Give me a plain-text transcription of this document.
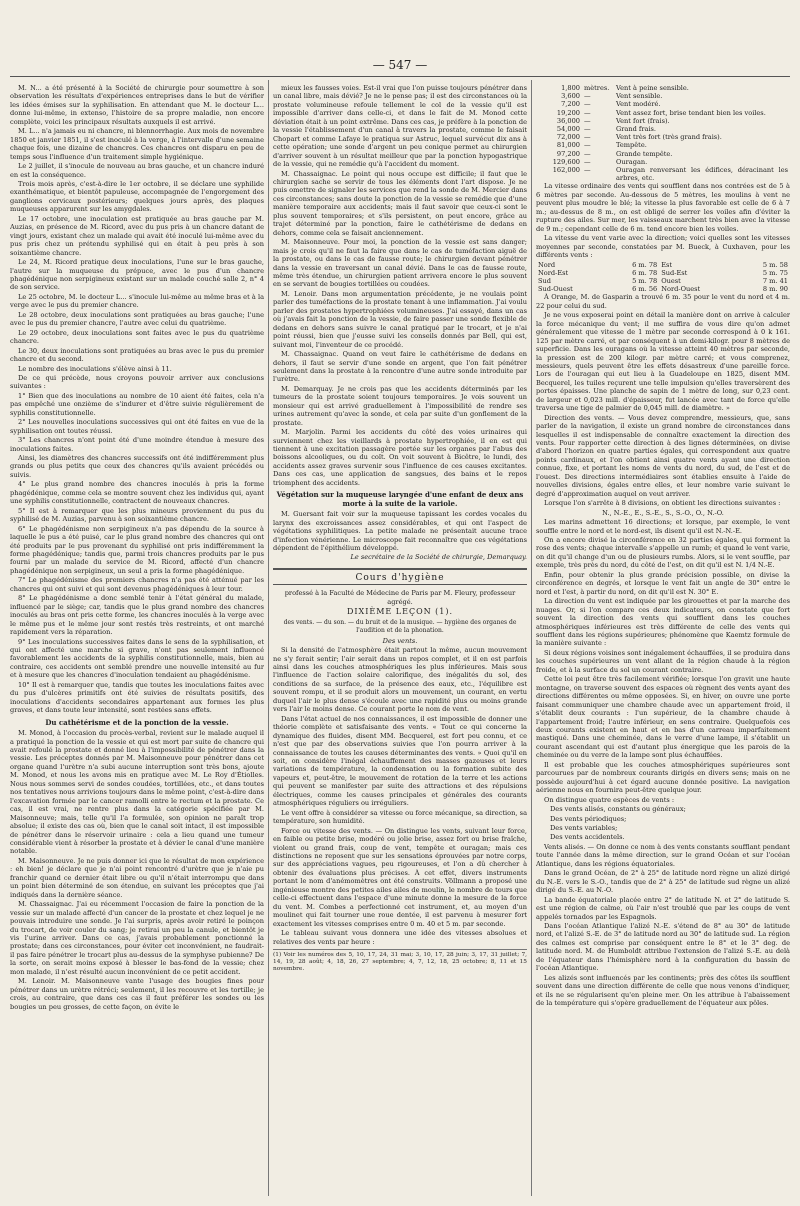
— 547 —

M. N... a été présenté à la Société de chirurgie pour soumettre à son observation les résultats d'expériences entreprises dans le but de vérifier les idées émises sur la syphilisation. En attendant que M. le docteur L... donne lui-même, in extenso, l'histoire de sa propre maladie, non encore complète, voici les principaux résultats auxquels il est arrivé.

M. L... n'a jamais eu ni chancre, ni blennorrhagie. Aux mois de novembre 1850 et janvier 1851, il s'est inoculé à la verge, à l'intervalle d'une semaine chaque fois, une dizaine de chancres. Ces chancres ont disparu en peu de temps sous l'influence d'un traitement simple hygiénique.

Le 2 juillet, il s'inocule de nouveau au bras gauche, et un chancre induré en est la conséquence.

Trois mois après, c'est-à-dire le 1er octobre, il se déclare une syphilide exanthématique, et bientôt papuleuse, accompagnée de l'engorgement des ganglions cervicaux postérieurs; quelques jours après, des plaques muqueuses apparurent sur les amygdales.

Le 17 octobre, une inoculation est pratiquée au bras gauche par M. Auzias, en présence de M. Ricord, avec du pus pris à un chancre datant de vingt jours, existant chez un malade qui avait été inoculé lui-même avec du pus pris chez un prétendu syphilisé qui en était à peu près à son soixantième chancre.

Le 24, M. Ricord pratique deux inoculations, l'une sur le bras gauche, l'autre sur la muqueuse du prépuce, avec le pus d'un chancre phagédénique non serpigineux existant sur un malade couché salle 2, n° 4 de son service.

Le 25 octobre, M. le docteur L... s'inocule lui-même au même bras et à la verge avec le pus du premier chancre.

Le 28 octobre, deux inoculations sont pratiquées au bras gauche; l'une avec le pus du premier chancre, l'autre avec celui du quatrième.

Le 29 octobre, deux inoculations sont faites avec le pus du quatrième chancre.

Le 30, deux inoculations sont pratiquées au bras avec le pus du premier chancre et du second.

Le nombre des inoculations s'élève ainsi à 11.

De ce qui précède, nous croyons pouvoir arriver aux conclusions suivantes :

1° Bien que des inoculations au nombre de 10 aient été faites, cela n'a pas empêché une onzième de s'indurer et d'être suivie régulièrement de syphilis constitutionnelle.

2° Les nouvelles inoculations successives qui ont été faites en vue de la syphilisation ont toutes réussi.

3° Les chancres n'ont point été d'une moindre étendue à mesure des inoculations faites.

Ainsi, les diamètres des chancres successifs ont été indifféremment plus grands ou plus petits que ceux des chancres qu'ils avaient précédés ou suivis.

4° Le plus grand nombre des chancres inoculés à pris la forme phagédénique, comme cela se montre souvent chez les individus qui, ayant une syphilis constitutionnelle, contractent de nouveaux chancres.

5° Il est à remarquer que les plus mineurs proviennent du pus du syphilisé de M. Auzias, parvenu à son soixantième chancre.

6° Le phagédénisme non serpigineux n'a pas dépendu de la source à laquelle le pus a été puisé, car le plus grand nombre des chancres qui ont été produits par le pus provenant du syphilisé ont pris indifféremment la forme phagédénique; tandis que, parmi trois chancres produits par le pus fourni par un malade du service de M. Ricord, affecté d'un chancre phagédénique non serpigineux, un seul a pris la forme phagédénique.

7° Le phagédénisme des premiers chancres n'a pas été atténué par les chancres qui ont suivi et qui sont devenus phagédéniques à leur tour.

8° Le phagédénisme a donc semblé tenir à l'état général du malade, influencé par le siège; car, tandis que le plus grand nombre des chancres inoculés au bras ont pris cette forme, les chancres inoculés à la verge avec le même pus et le même jour sont restés très restreints, et ont marché rapidement vers la réparation.

9° Les inoculations successives faites dans le sens de la syphilisation, et qui ont affecté une marche si grave, n'ont pas seulement influencé favorablement les accidents de la syphilis constitutionnelle, mais, bien au contraire, ces accidents ont semblé prendre une nouvelle intensité au fur et à mesure que les chancres d'inoculation tendaient au phagédénisme.

10° Il est à remarquer que, tandis que toutes les inoculations faites avec du pus d'ulcères primitifs ont été suivies de résultats positifs, des inoculations d'accidents secondaires appartenant aux formes les plus graves, et dans toute leur intensité, sont restées sans effets.

Du cathétérisme et de la ponction de la vessie.

M. Monod, à l'occasion du procès-verbal, revient sur le malade auquel il a pratiqué la ponction de la vessie et qui est mort par suite de chancre qui avait refoulé la prostate et donné lieu à l'impossibilité de pénétrer dans la vessie. Les préceptes donnés par M. Maisonneuve pour pénétrer dans cet organe quand l'urètre n'a subi aucune interruption sont très bons, ajoute M. Monod, et nous les avons mis en pratique avec M. Le Roy d'Étiolles. Nous nous sommes servi de sondes coudées, tortillées, etc., et dans toutes nos tentatives nous arrivions toujours dans le même point, c'est-à-dire dans l'excavation formée par le cancer ramolli entre le rectum et la prostate. Ce cas, il est vrai, ne rentre plus dans la catégorie spécifiée par M. Maisonneuve; mais, telle qu'il l'a formulée, son opinion ne paraît trop absolue; il existe des cas où, bien que le canal soit intact, il est impossible de pénétrer dans le réservoir urinaire : cela a lieu quand une tumeur considérable vient à résorber la prostate et à dévier le canal d'une manière notable.

M. Maisonneuve. Je ne puis donner ici que le résultat de mon expérience : eh bien! je déclare que je n'ai point rencontré d'urètre que je n'aie pu franchir quand ce dernier était libre ou qu'il n'était interrompu que dans un point bien déterminé de son étendue, en suivant les préceptes que j'ai indiqués dans la dernière séance.

M. Chassaignac. J'ai eu récemment l'occasion de faire la ponction de la vessie sur un malade affecté d'un cancer de la prostate et chez lequel je ne pouvais introduire une sonde. Je l'ai surpris, après avoir retiré le poinçon du trocart, de voir couler du sang; je retirai un peu la canule, et bientôt je vis l'urine arriver. Dans ce cas, j'avais probablement ponctionné la prostate; dans ces circonstances, pour éviter cet inconvénient, ne faudrait-il pas faire pénétrer le trocart plus au-dessus de la symphyse pubienne? De la sorte, on serait moins exposé à blesser le bas-fond de la vessie; chez mon malade, il n'est résulté aucun inconvénient de ce petit accident.

M. Lenoir. M. Maisonneuve vante l'usage des bougies fines pour pénétrer dans un urètre rétréci; seulement, il les recouvre et les tortille; je crois, au contraire, que dans ces cas il faut préférer les sondes ou les bougies un peu grosses, de cette façon, on évite le

mieux les fausses voies. Est-il vrai que l'on puisse toujours pénétrer dans un canal libre, mais dévié? Je ne le pense pas; il est des circonstances où la prostate volumineuse refoule tellement le col de la vessie qu'il est impossible d'arriver dans celle-ci, et dans le fait de M. Monod cette déviation était à un point extrême. Dans ces cas, je préfère à la ponction de la vessie l'établissement d'un canal à travers la prostate, comme le faisait Chopart et comme Lafaye le pratiqua sur Astruc, lequel survécut dix ans à cette opération; une sonde d'argent un peu conique permet au chirurgien d'arriver souvent à un résultat meilleur que par la ponction hypogastrique de la vessie, qui ne remédie qu'à l'accident du moment.

M. Chassaignac. Le point qui nous occupe est difficile; il faut que le chirurgien sache se servir de tous les éléments dont l'art dispose. Je ne puis omettre de signaler les services que rend la sonde de M. Mercier dans ces circonstances; sans doute la ponction de la vessie se remédie que d'une manière temporaire aux accidents; mais il faut savoir que ceux-ci sont le plus souvent temporaires; et s'ils persistent, on peut encore, grâce au trajet déterminé par la ponction, faire le cathétérisme de dedans en dehors, comme cela se faisait anciennement.

M. Maisonneuve. Pour moi, la ponction de la vessie est sans danger; mais je crois qu'il ne faut la faire que dans le cas de tuméfaction aiguë de la prostate, ou dans le cas de fausse route; le chirurgien devant pénétrer dans la vessie en traversant un canal dévié. Dans le cas de fausse route, même très étendue, un chirurgien patient arrivera encore le plus souvent en se servant de bougies tortillées ou coudées.

M. Lenoir. Dans mon argumentation précédente, je ne voulais point parler des tuméfactions de la prostate tenant à une inflammation. J'ai voulu parler des prostates hypertrophiées volumineuses. J'ai essayé, dans un cas où j'avais fait la ponction de la vessie, de faire passer une sonde flexible de dedans en dehors sans suivre le canal pratiqué par le trocart, et je n'ai point réussi, bien que j'eusse suivi les conseils donnés par Bell, qui est, suivant moi, l'inventeur de ce procédé.

M. Chassaignac. Quand on veut faire le cathétérisme de dedans en dehors, il faut se servir d'une sonde en argent, que l'on fait pénétrer seulement dans la prostate à la rencontre d'une autre sonde introduite par l'urètre.

M. Demarquay. Je ne crois pas que les accidents déterminés par les tumeurs de la prostate soient toujours temporaires. Je vois souvent un monsieur qui est arrivé graduellement à l'impossibilité de rendre ses urines autrement qu'avec la sonde, et cela par suite d'un gonflement de la prostate.

M. Marjolin. Parmi les accidents du côté des voies urinaires qui surviennent chez les vieillards à prostate hypertrophiée, il en est qui tiennent à une excitation passagère portée sur les organes par l'abus des boissons alcooliques, ou du coït. On voit souvent à Bicêtre, le lundi, des accidents assez graves survenir sous l'influence de ces causes excitantes. Dans ces cas, une application de sangsues, des bains et le repos triomphent des accidents.

Végétation sur la muqueuse laryngée d'une enfant de deux ans morte à la suite de la variole.

M. Guersant fait voir sur la muqueuse tapissant les cordes vocales du larynx des excroissances assez considérables, et qui ont l'aspect de végétations syphilitiques. La petite malade ne présentait aucune trace d'infection vénérienne. Le microscope fait reconnaître que ces végétations dépendent de l'épithélium développé.

Le secrétaire de la Société de chirurgie, Demarquay.

Cours d'hygiène

professé à la Faculté de Médecine de Paris par M. Fleury, professeur agrégé.

DIXIÈME LEÇON (1).

des vents. — du son. — du bruit et de la musique. — hygiène des organes de l'audition et de la phonation.

Des vents.

Si la densité de l'atmosphère était partout la même, aucun mouvement ne s'y ferait sentir; l'air serait dans un repos complet, et il en est parfois ainsi dans les couches atmosphériques les plus inférieures. Mais sous l'influence de l'action solaire calorifique, des inégalités du sol, des conditions de sa surface, de la présence des eaux, etc., l'équilibre est souvent rompu, et il se produit alors un mouvement, un courant, en vertu duquel l'air le plus dense s'écoule avec une rapidité plus ou moins grande vers l'air le moins dense. Ce courant porte le nom de vent.

Dans l'état actuel de nos connaissances, il est impossible de donner une théorie complète et satisfaisante des vents. « Tout ce qui concerne la dynamique des fluides, disent MM. Becquerel, est fort peu connu, et ce n'est que par des observations suivies que l'on pourra arriver à la connaissance de toutes les causes déterminantes des vents. » Quoi qu'il en soit, on considère l'inégal échauffement des masses gazeuses et leurs variations de température, la condensation ou la formation subite des vapeurs et, peut-être, le mouvement de rotation de la terre et les actions qui peuvent se manifester par suite des attractions et des répulsions électriques, comme les causes principales et générales des courants atmosphériques réguliers ou irréguliers.

Le vent offre à considérer sa vitesse ou force mécanique, sa direction, sa température, son humidité.

Force ou vitesse des vents. — On distingue les vents, suivant leur force, en faible ou petite brise, modéré ou jolie brise, assez fort ou brise fraîche, violent ou grand frais, coup de vent, tempête et ouragan; mais ces distinctions ne reposent que sur les sensations éprouvées par notre corps, sur des appréciations vagues, peu rigoureuses, et l'on a dû chercher à obtenir des évaluations plus précises. À cet effet, divers instruments portant le nom d'anémomètres ont été construits. Völlmann a proposé une ingénieuse montre des petites ailes ailes de moulin, le nombre de tours que celle-ci effectuent dans l'espace d'une minute donne la mesure de la force du vent. M. Combes a perfectionné cet instrument, et, au moyen d'un moulinet qui fait tourner une roue dentée, il est parvenu à mesurer fort exactement les vitesses comprises entre 0 m. 40 et 5 m. par seconde.

Le tableau suivant vous donnera une idée des vitesses absolues et relatives des vents par heure :

(1) Voir les numéros des 5, 10, 17, 24, 31 mai; 3, 10, 17, 28 juin; 3, 17, 31 juillet; 7, 14, 19, 28 août; 4, 18, 26, 27 septembre; 4, 7, 12, 18, 25 octobre; 8, 11 et 15 novembre.
1,800	mètres.	Vent à peine sensible.
3,600	—	Vent sensible.
7,200	—	Vent modéré.
19,200	—	Vent assez fort, brise tendant bien les voiles.
36,000	—	Vent fort (frais).
54,000	—	Grand frais.
72,000	—	Vent très fort (très grand frais).
81,000	—	Tempête.
97,200	—	Grande tempête.
129,600	—	Ouragan.
162,000	—	Ouragan renversant les édifices, déracinant les arbres, etc.

La vitesse ordinaire des vents qui soufflent dans nos contrées est de 5 à 6 mètres par seconde. Au-dessous de 5 mètres, les moulins à vent ne peuvent plus moudre le blé; la vitesse la plus favorable est celle de 6 à 7 m.; au-dessus de 8 m., on est obligé de serrer les voiles afin d'éviter la rupture des ailes. Sur mer, les vaisseaux marchent très bien avec la vitesse de 9 m.; cependant celle de 6 m. tend encore bien les voiles.

La vitesse du vent varie avec la direction; voici quelles sont les vitesses moyennes par seconde, constatées par M. Bueck, à Cuxhaven, pour les différents vents :

Nord	6 m. 78	Est	5 m. 58
Nord-Est	6 m. 78	Sud-Est	5 m. 75
Sud	5 m. 78	Ouest	7 m. 41
Sud-Ouest	6 m. 56	Nord-Ouest	8 m. 90

À Orange, M. de Gasparin a trouvé 6 m. 35 pour le vent du nord et 4 m. 22 pour celui du sud.

Je ne vous exposerai point en détail la manière dont on arrive à calculer la force mécanique du vent; il me suffira de vous dire qu'on admet généralement que vitesse de 1 mètre par seconde correspond à 0 k 161. 125 par mètre carré, et par conséquent à un demi-kilogr. pour 8 mètres de superficie. Dans les ouragans où la vitesse atteint 40 mètres par seconde, la pression est de 200 kilogr. par mètre carré; et vous comprenez, messieurs, quels peuvent être les effets désastreux d'une pareille force. Lors de l'ouragan qui eut lieu à la Guadeloupe en 1825, disent MM. Becquerel, les tuiles reçurent une telle impulsion qu'elles traversèrent des portes épaisses. Une planche de sapin de 1 mètre de long, sur 0,23 cent. de largeur et 0,023 mill. d'épaisseur, fut lancée avec tant de force qu'elle traversa une tige de palmier de 0,045 mill. de diamètre. »

Direction des vents. — Vous devez comprendre, messieurs, que, sans parler de la navigation, il existe un grand nombre de circonstances dans lesquelles il est indispensable de connaître exactement la direction des vents. Pour rapporter cette direction à des lignes déterminées, on divise d'abord l'horizon en quatre parties égales, qui correspondent aux quatre points cardinaux, et l'on obtient ainsi quatre vents ayant une direction connue, fixe, et portant les noms de vents du nord, du sud, de l'est et de l'ouest. Des directions intermédiaires sont établies ensuite à l'aide de nouvelles divisions, égales entre elles, et leur nombre varie suivant le degré d'approximation auquel on veut arriver.

Lorsque l'on s'arrête à 8 divisions, on obtient les directions suivantes :

N., N.-E., E., S.-E., S., S.-O., O., N.-O.

Les marins admettent 16 directions; et lorsque, par exemple, le vent souffle entre le nord et le nord-est, ils disent qu'il est N.-N.-E.

On a encore divisé la circonférence en 32 parties égales, qui forment la rose des vents; chaque intervalle s'appelle un rumb; et quand le vent varie, on dit qu'il change d'un ou de plusieurs rumbs. Alors, si le vent souffle, par exemple, très près du nord, du côté de l'est, on dit qu'il est N. 1/4 N.-E.

Enfin, pour obtenir la plus grande précision possible, on divise la circonférence en degrés, et lorsque le vent fait un angle de 30° entre le nord et l'est, à partir du nord, on dit qu'il est N. 30° E.

La direction du vent est indiquée par les girouettes et par la marche des nuages. Or, si l'on compare ces deux indicateurs, on constate que fort souvent la direction des vents qui soufflent dans les couches atmosphériques inférieures est très différente de celle des vents qui soufflent dans les régions supérieures; phénomène que Kaemtz formule de la manière suivante :

Si deux régions voisines sont inégalement échauffées, il se produira dans les couches supérieures un vent allant de la région chaude à la région froide, et à la surface du sol un courant contraire.

Cette loi peut être très facilement vérifiée; lorsque l'on gravit une haute montagne, on traverse souvent des espaces où règnent des vents ayant des directions différentes ou même opposées. Si, en hiver, on ouvre une porte faisant communiquer une chambre chaude avec un appartement froid, il s'établit deux courants : l'un supérieur, de la chambre chaude à l'appartement froid; l'autre inférieur, en sens contraire. Quelquefois ces deux courants existent en haut et en bas d'un carreau imparfaitement mastiqué. Dans une cheminée, dans le verre d'une lampe, il s'établit un courant ascendant qui est d'autant plus énergique que les parois de la cheminée ou du verre de la lampe sont plus échauffées.

Il est probable que les couches atmosphériques supérieures sont parcourues par de nombreux courants dirigés en divers sens; mais on ne possède aujourd'hui à cet égard aucune donnée positive. La navigation aérienne nous en fournira peut-être quelque jour.

On distingue quatre espèces de vents :

Des vents alisés, constants ou généraux;

Des vents périodiques;

Des vents variables;

Des vents accidentels.

Vents alisés. — On donne ce nom à des vents constants soufflant pendant toute l'année dans la même direction, sur le grand Océan et sur l'océan Atlantique, dans les régions équatoriales.

Dans le grand Océan, de 2° à 25° de latitude nord règne un alizé dirigé du N.-E. vers le S.-O., tandis que de 2° à 25° de latitude sud règne un alizé dirigé du S.-E. au N.-O.

La bande équatoriale placée entre 2° de latitude N. et 2° de latitude S. est une région de calme, où l'air n'est troublé que par les coups de vent appelés tornados par les Espagnols.

Dans l'océan Atlantique l'alizé N.-E. s'étend de 8° au 30° de latitude nord, et l'alizé S.-E. de 3° de latitude nord au 30° de latitude sud. La région des calmes est comprise par conséquent entre le 8° et le 3° deg. de latitude nord. M. de Humboldt attribue l'extension de l'alizé S.-E. au delà de l'équateur dans l'hémisphère nord à la configuration du bassin de l'océan Atlantique.

Les alizés sont influencés par les continents; près des côtes ils soufflent souvent dans une direction différente de celle que nous venons d'indiquer, et ils ne se régularisent qu'en pleine mer. On les attribue à l'abaissement de la température qui s'opère graduellement de l'équateur aux pôles.
